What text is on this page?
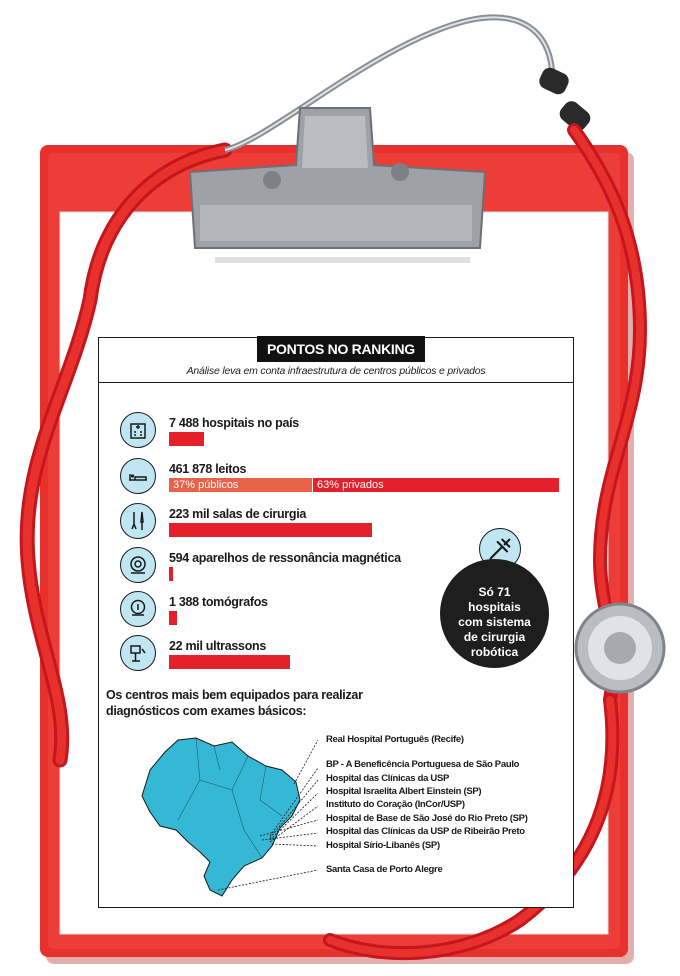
PONTOS NO RANKING
Análise leva em conta infraestrutura de centros públicos e privados
7 488 hospitais no país
461 878 leitos
37% públicos	63% privados
223 mil salas de cirurgia
594 aparelhos de ressonância magnética
1 388 tomógrafos
22 mil ultrassons
Só 71 hospitais com sistema de cirurgia robótica
Os centros mais bem equipados para realizar diagnósticos com exames básicos:
Real Hospital Português (Recife)
BP - A Beneficência Portuguesa de São Paulo
Hospital das Clínicas da USP
Hospital Israelita Albert Einstein (SP)
Instituto do Coração (InCor/USP)
Hospital de Base de São José do Rio Preto (SP)
Hospital das Clínicas da USP de Ribeirão Preto
Hospital Sírio-Libanês (SP)
Santa Casa de Porto Alegre
